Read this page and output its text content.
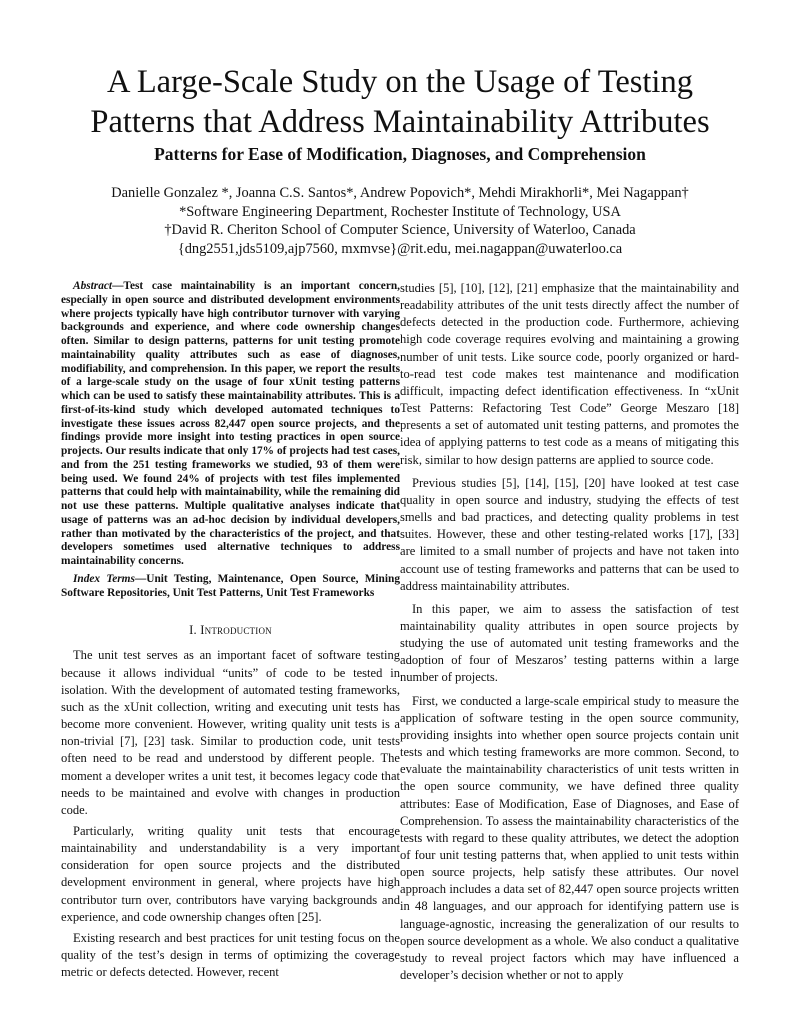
A Large-Scale Study on the Usage of Testing
Patterns that Address Maintainability Attributes
Patterns for Ease of Modification, Diagnoses, and Comprehension
Danielle Gonzalez *, Joanna C.S. Santos*, Andrew Popovich*, Mehdi Mirakhorli*, Mei Nagappan†
*Software Engineering Department, Rochester Institute of Technology, USA
†David R. Cheriton School of Computer Science, University of Waterloo, Canada
{dng2551,jds5109,ajp7560, mxmvse}@rit.edu, mei.nagappan@uwaterloo.ca

Abstract—Test case maintainability is an important concern, especially in open source and distributed development environments where projects typically have high contributor turnover with varying backgrounds and experience, and where code ownership changes often. Similar to design patterns, patterns for unit testing promote maintainability quality attributes such as ease of diagnoses, modifiability, and comprehension. In this paper, we report the results of a large-scale study on the usage of four xUnit testing patterns which can be used to satisfy these maintainability attributes. This is a first-of-its-kind study which developed automated techniques to investigate these issues across 82,447 open source projects, and the findings provide more insight into testing practices in open source projects. Our results indicate that only 17% of projects had test cases, and from the 251 testing frameworks we studied, 93 of them were being used. We found 24% of projects with test files implemented patterns that could help with maintainability, while the remaining did not use these patterns. Multiple qualitative analyses indicate that usage of patterns was an ad-hoc decision by individual developers, rather than motivated by the characteristics of the project, and that developers sometimes used alternative techniques to address maintainability concerns.

Index Terms—Unit Testing, Maintenance, Open Source, Mining Software Repositories, Unit Test Patterns, Unit Test Frameworks

I. Introduction

The unit test serves as an important facet of software testing because it allows individual “units” of code to be tested in isolation. With the development of automated testing frameworks, such as the xUnit collection, writing and executing unit tests has become more convenient. However, writing quality unit tests is a non-trivial [7], [23] task. Similar to production code, unit tests often need to be read and understood by different people. The moment a developer writes a unit test, it becomes legacy code that needs to be maintained and evolve with changes in production code.

Particularly, writing quality unit tests that encourage maintainability and understandability is a very important consideration for open source projects and the distributed development environment in general, where projects have high contributor turn over, contributors have varying backgrounds and experience, and code ownership changes often [25].

Existing research and best practices for unit testing focus on the quality of the test’s design in terms of optimizing the coverage metric or defects detected. However, recent

studies [5], [10], [12], [21] emphasize that the maintainability and readability attributes of the unit tests directly affect the number of defects detected in the production code. Furthermore, achieving high code coverage requires evolving and maintaining a growing number of unit tests. Like source code, poorly organized or hard-to-read test code makes test maintenance and modification difficult, impacting defect identification effectiveness. In “xUnit Test Patterns: Refactoring Test Code” George Meszaro [18] presents a set of automated unit testing patterns, and promotes the idea of applying patterns to test code as a means of mitigating this risk, similar to how design patterns are applied to source code.

Previous studies [5], [14], [15], [20] have looked at test case quality in open source and industry, studying the effects of test smells and bad practices, and detecting quality problems in test suites. However, these and other testing-related works [17], [33] are limited to a small number of projects and have not taken into account use of testing frameworks and patterns that can be used to address maintainability attributes.

In this paper, we aim to assess the satisfaction of test maintainability quality attributes in open source projects by studying the use of automated unit testing frameworks and the adoption of four of Meszaros’ testing patterns within a large number of projects.

First, we conducted a large-scale empirical study to measure the application of software testing in the open source community, providing insights into whether open source projects contain unit tests and which testing frameworks are more common. Second, to evaluate the maintainability characteristics of unit tests written in the open source community, we have defined three quality attributes: Ease of Modification, Ease of Diagnoses, and Ease of Comprehension. To assess the maintainability characteristics of the tests with regard to these quality attributes, we detect the adoption of four unit testing patterns that, when applied to unit tests within open source projects, help satisfy these attributes. Our novel approach includes a data set of 82,447 open source projects written in 48 languages, and our approach for identifying pattern use is language-agnostic, increasing the generalization of our results to open source development as a whole. We also conduct a qualitative study to reveal project factors which may have influenced a developer’s decision whether or not to apply
